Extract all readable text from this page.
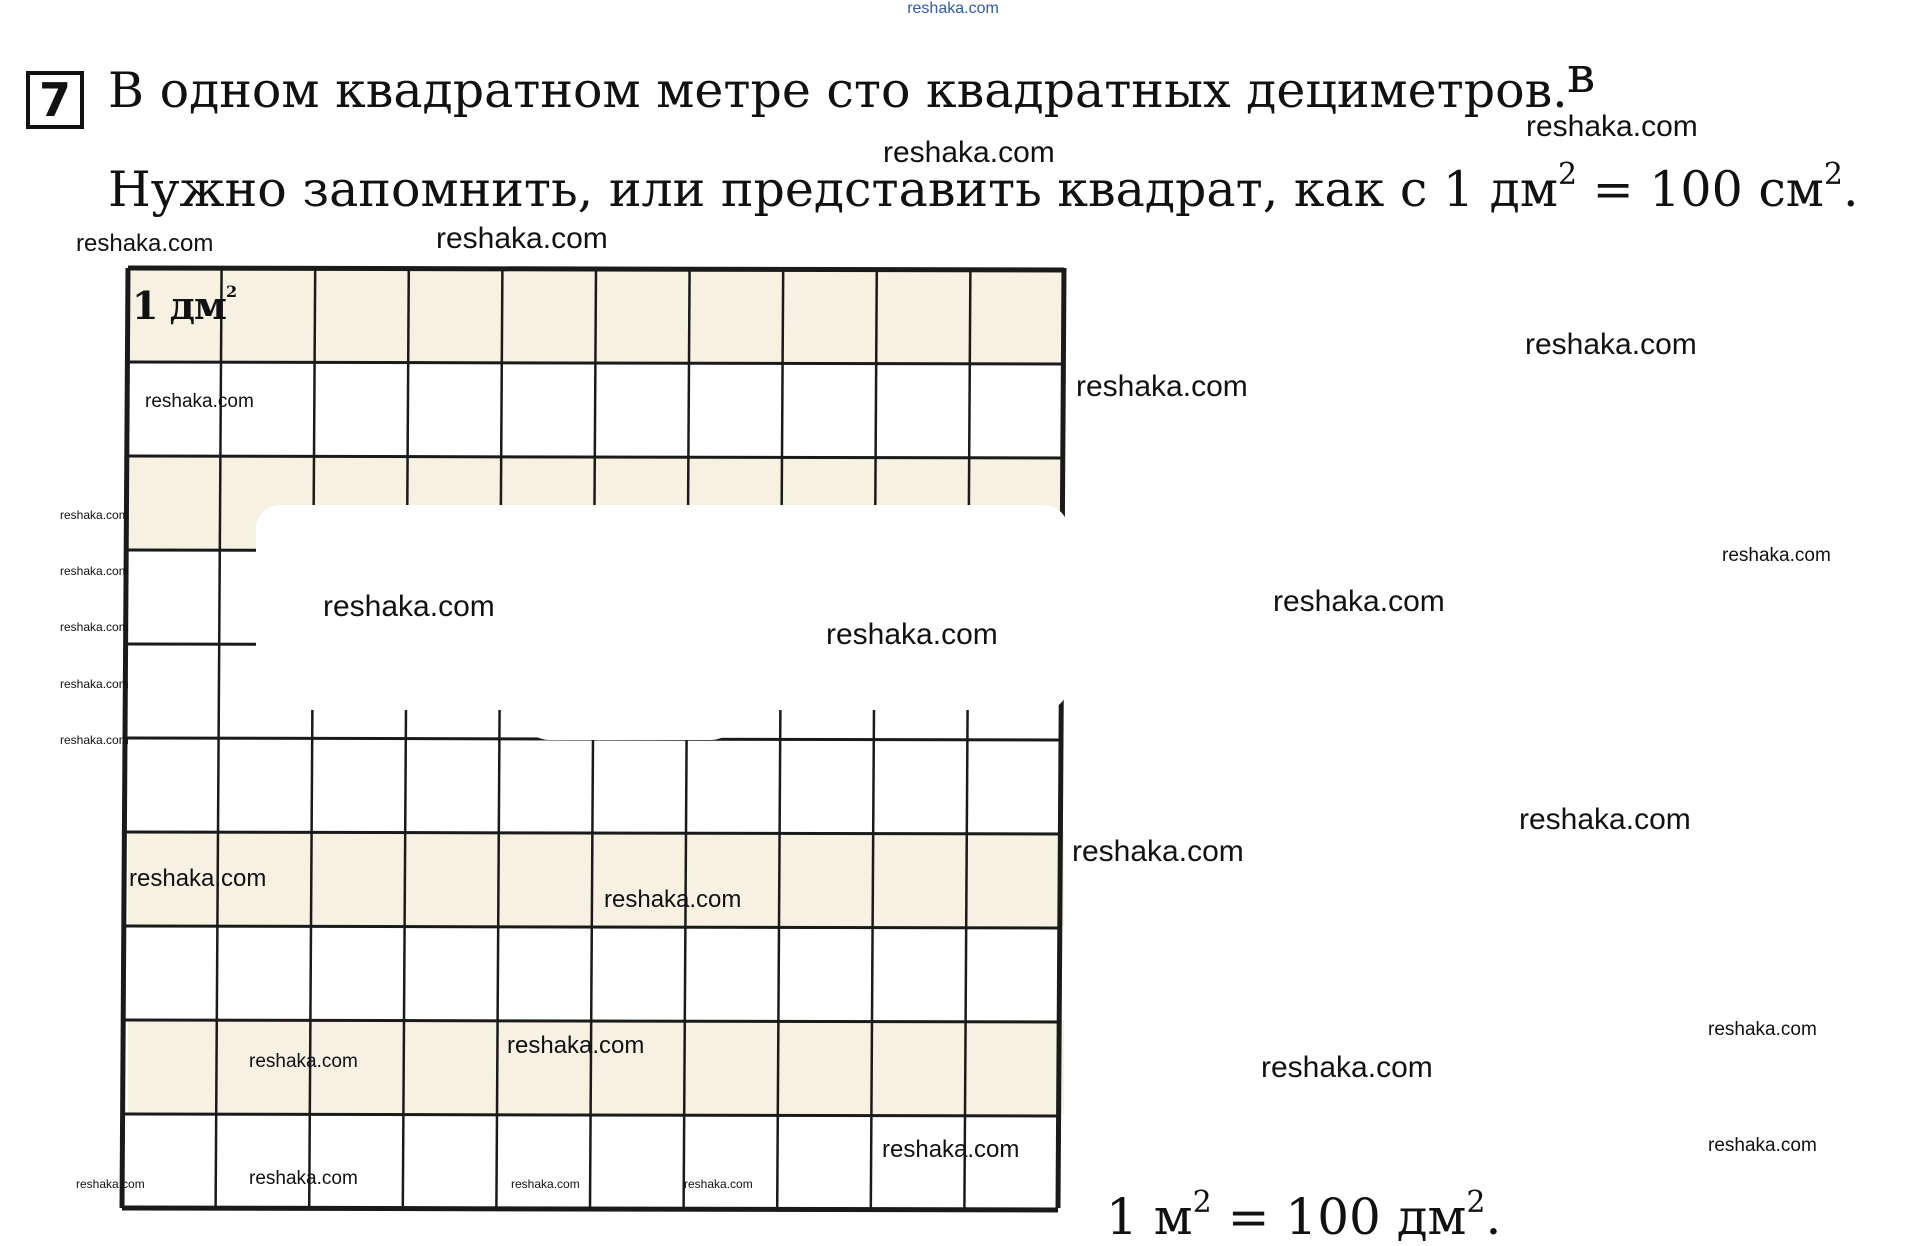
reshaka.com
7 В одном квадратном метре сто квадратных дециметров. в
Нужно запомнить, или представить квадрат, как с 1 $дм^2 = 100$ $см^2$.
1 $дм^2$
1 $м^2 = 100$ $дм^2$.
reshaka.com
reshaka.com
reshaka.com	reshaka.com
reshaka.com
reshaka.com
reshaka.com
reshaka.com
reshaka.com
reshaka.com
reshaka.com
reshaka.com
reshaka.com	reshaka.com
reshaka.com
reshaka.com
reshaka.com
reshaka.com
reshaka.com
reshaka.com
reshaka.com
reshaka.com
reshaka.com	reshaka.com
reshaka.com	reshaka.com
reshaka.com
reshaka.com	reshaka.com	reshaka.com
